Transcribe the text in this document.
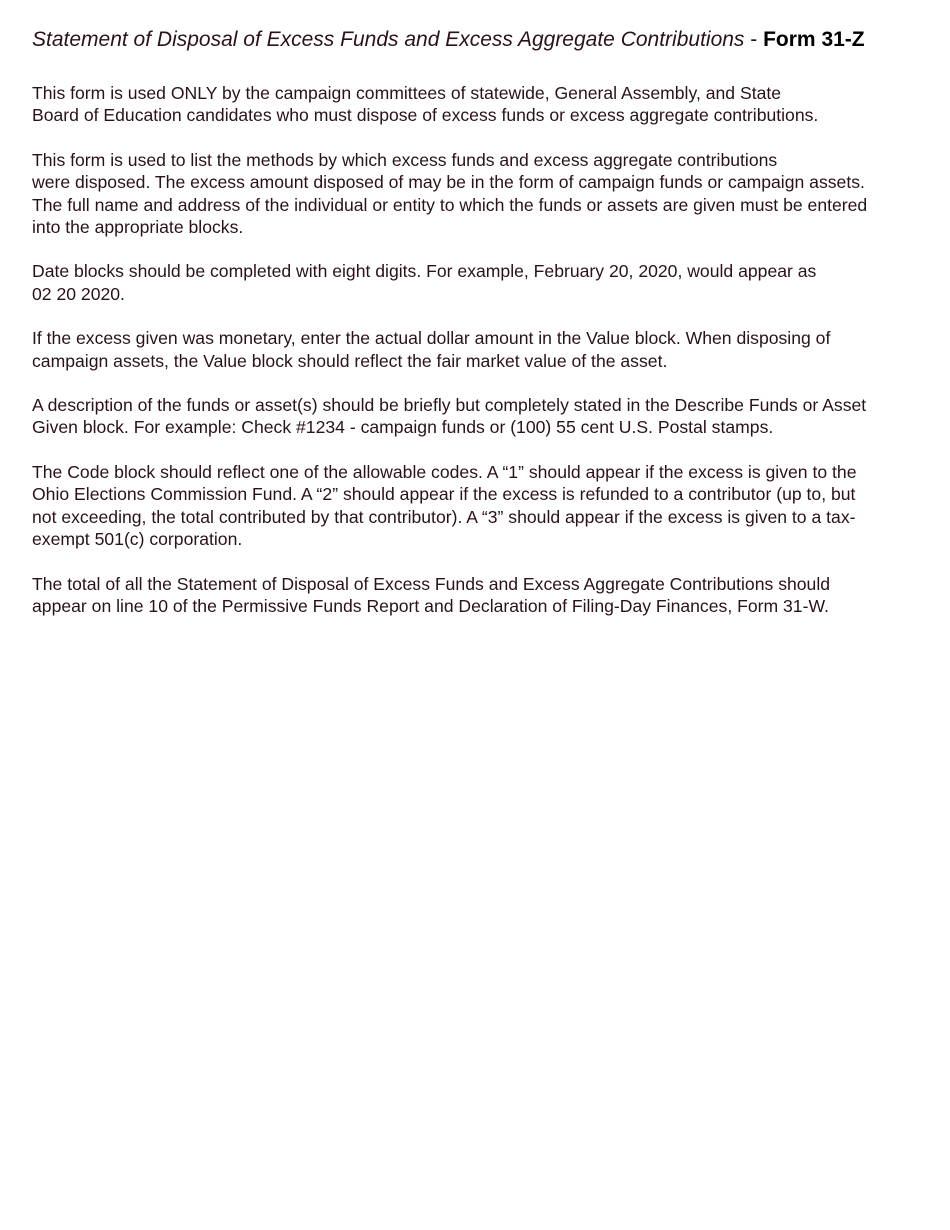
Statement of Disposal of Excess Funds and Excess Aggregate Contributions - Form 31-Z

This form is used ONLY by the campaign committees of statewide, General Assembly, and State
Board of Education candidates who must dispose of excess funds or excess aggregate contributions.

This form is used to list the methods by which excess funds and excess aggregate contributions
were disposed. The excess amount disposed of may be in the form of campaign funds or campaign assets.
The full name and address of the individual or entity to which the funds or assets are given must be entered
into the appropriate blocks.

Date blocks should be completed with eight digits. For example, February 20, 2020, would appear as
02 20 2020.

If the excess given was monetary, enter the actual dollar amount in the Value block. When disposing of
campaign assets, the Value block should reflect the fair market value of the asset.

A description of the funds or asset(s) should be briefly but completely stated in the Describe Funds or Asset
Given block. For example: Check #1234 - campaign funds or (100) 55 cent U.S. Postal stamps.

The Code block should reflect one of the allowable codes. A “1” should appear if the excess is given to the
Ohio Elections Commission Fund. A “2” should appear if the excess is refunded to a contributor (up to, but
not exceeding, the total contributed by that contributor). A “3” should appear if the excess is given to a tax-
exempt 501(c) corporation.

The total of all the Statement of Disposal of Excess Funds and Excess Aggregate Contributions should
appear on line 10 of the Permissive Funds Report and Declaration of Filing-Day Finances, Form 31-W.
